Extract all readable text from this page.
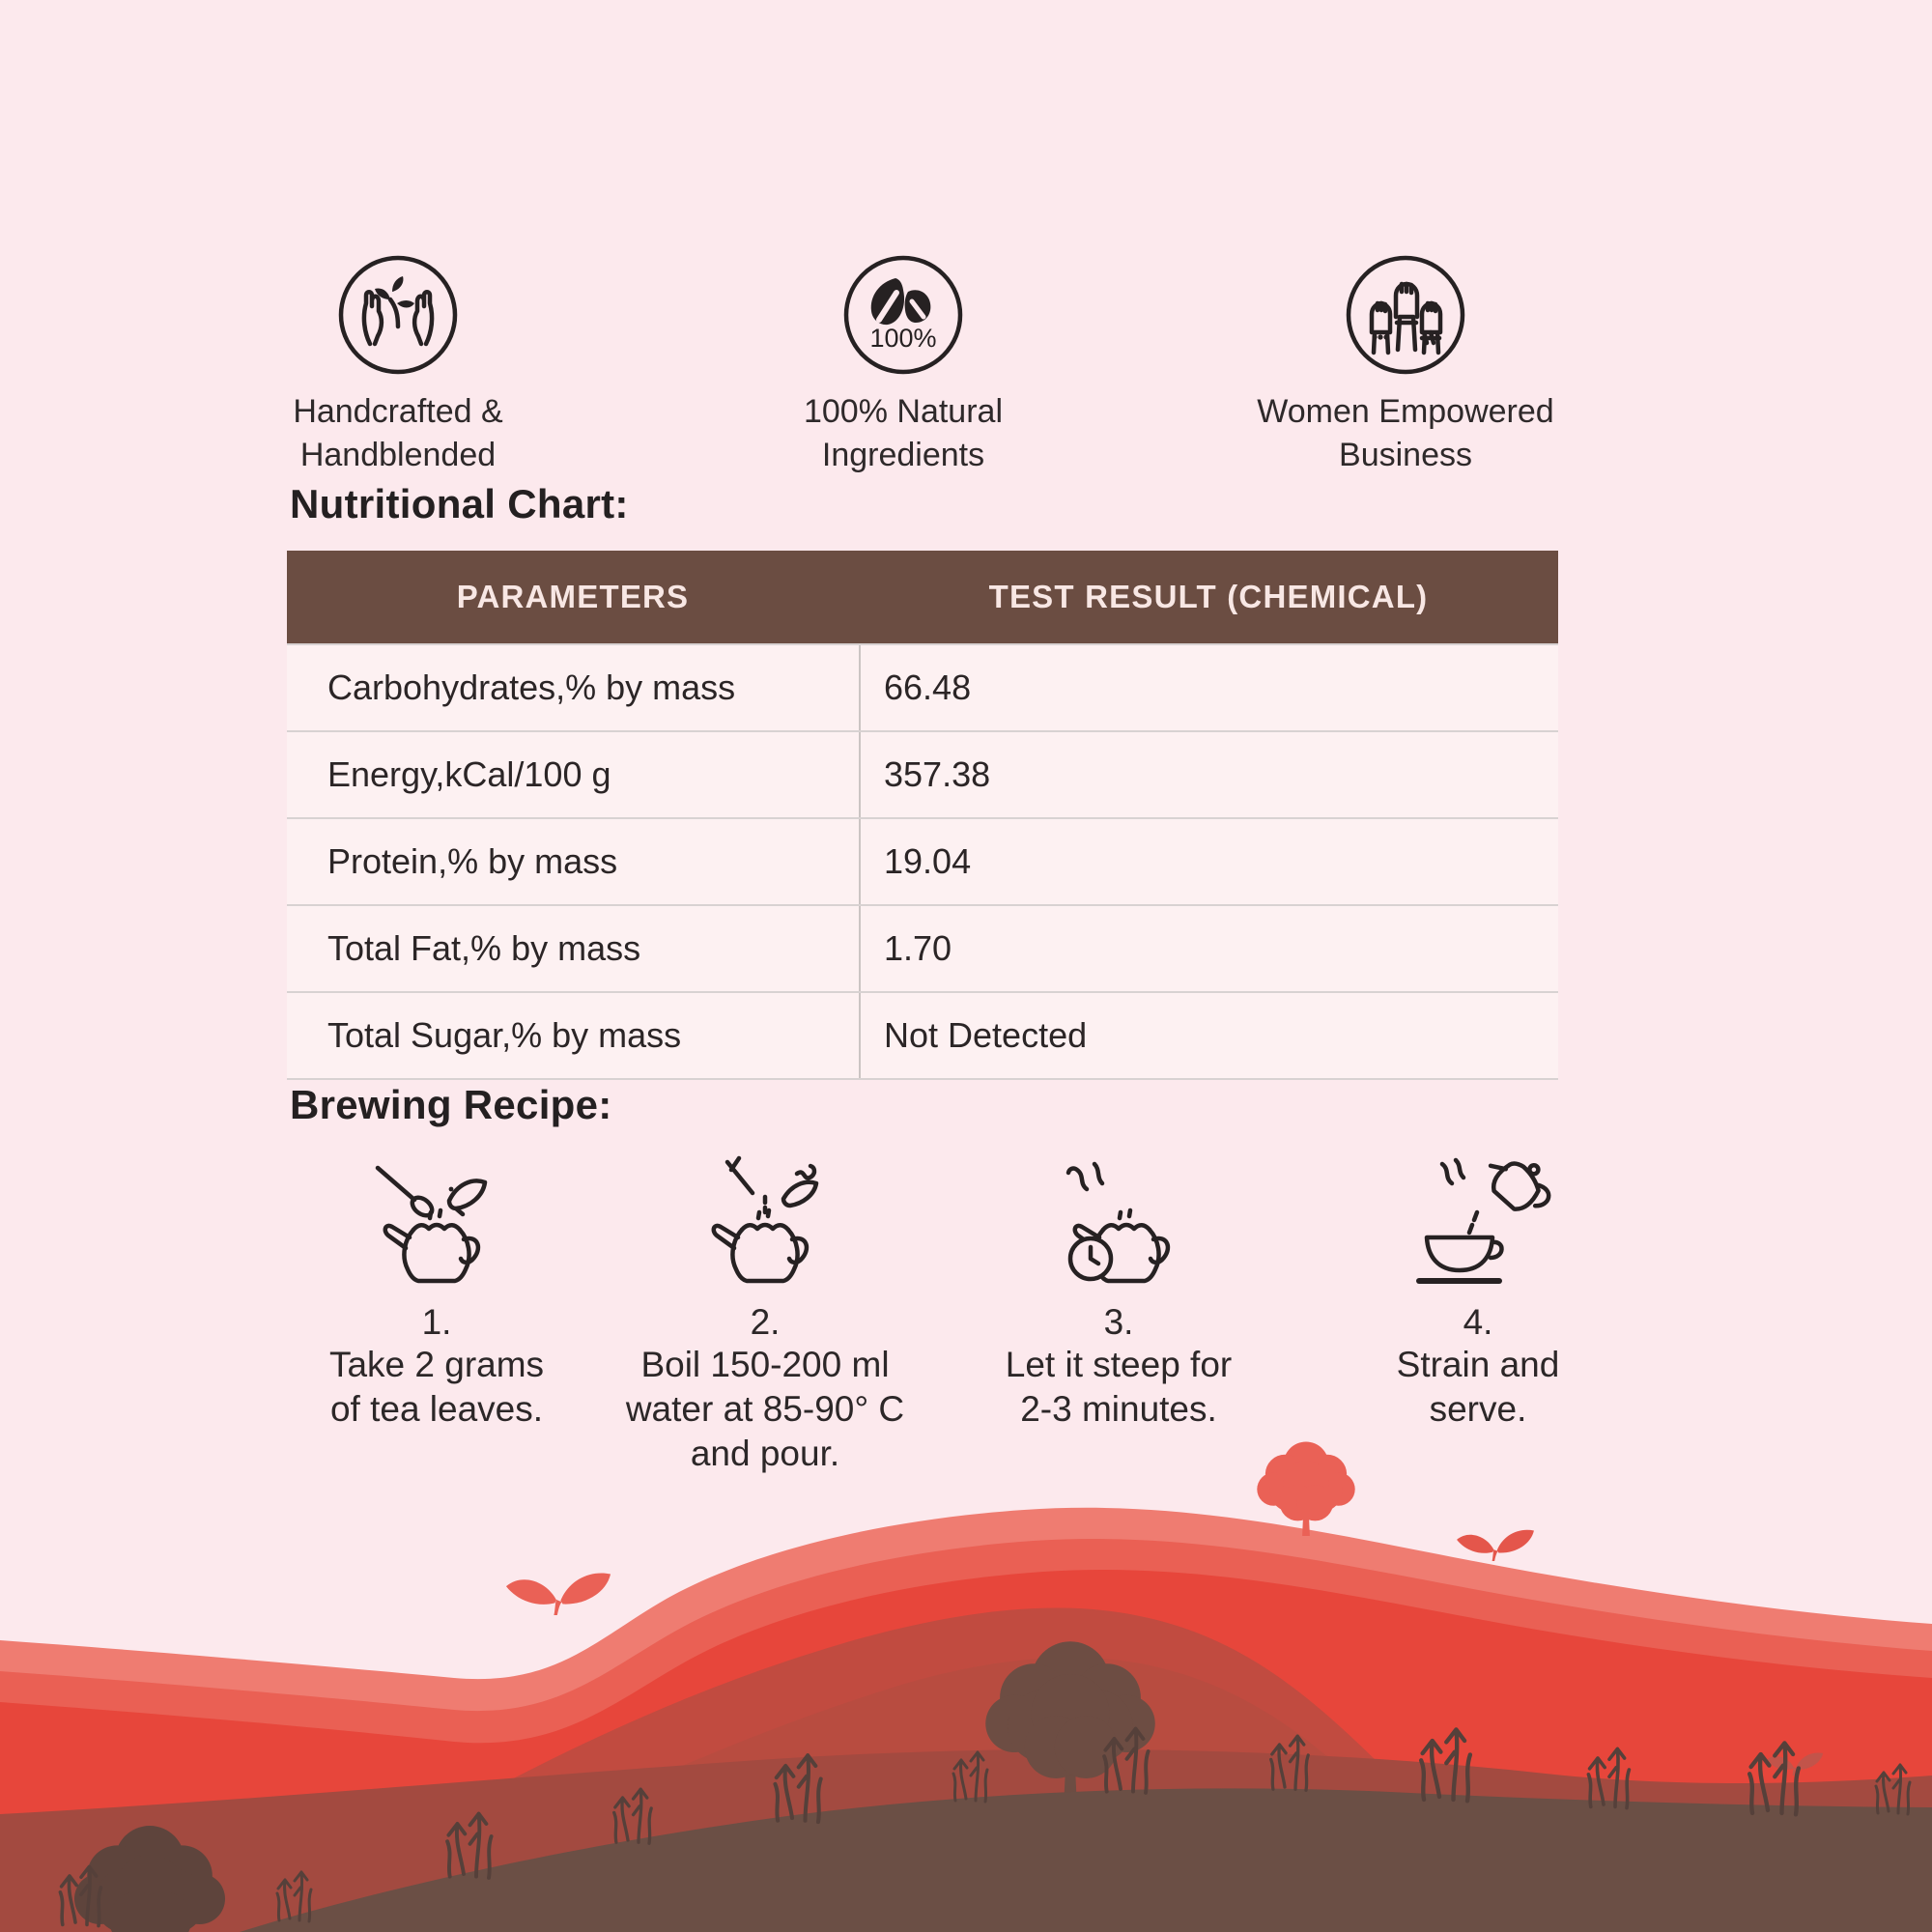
Handcrafted &
Handblended
100%
100% Natural
Ingredients
Women Empowered
Business
Nutritional Chart:
PARAMETERS	TEST RESULT (CHEMICAL)
Carbohydrates,% by mass	66.48
Energy,kCal/100 g	357.38
Protein,% by mass	19.04
Total Fat,% by mass	1.70
Total Sugar,% by mass	Not Detected
Brewing Recipe:
1.
Take 2 grams
of tea leaves.
2.
Boil 150-200 ml
water at 85-90° C
and pour.
3.
Let it steep for
2-3 minutes.
4.
Strain and
serve.
